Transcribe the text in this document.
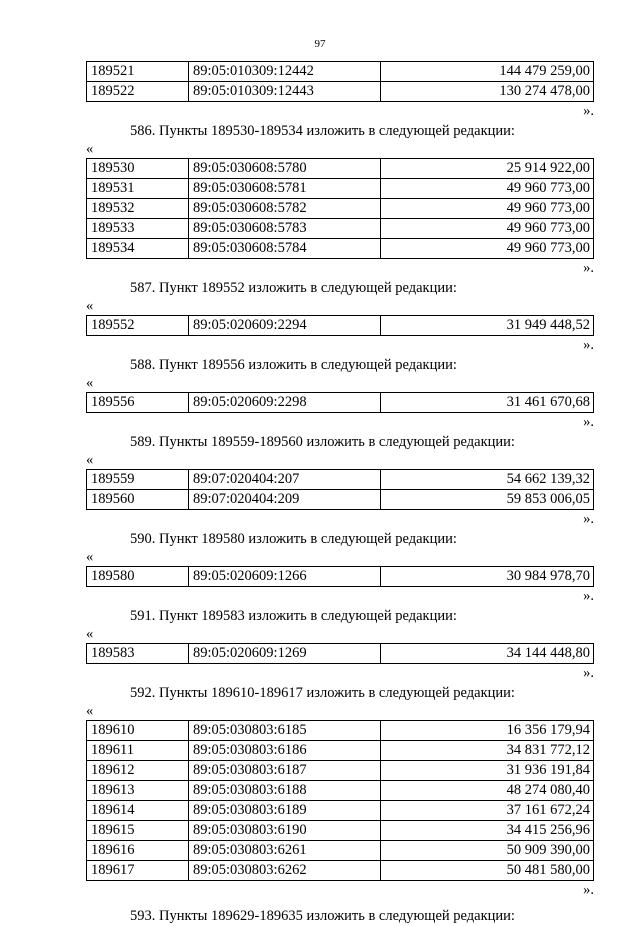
97
189521	89:05:010309:12442	144 479 259,00
189522	89:05:010309:12443	130 274 478,00
».
586. Пункты 189530-189534 изложить в следующей редакции:
«
189530	89:05:030608:5780	25 914 922,00
189531	89:05:030608:5781	49 960 773,00
189532	89:05:030608:5782	49 960 773,00
189533	89:05:030608:5783	49 960 773,00
189534	89:05:030608:5784	49 960 773,00
».
587. Пункт 189552 изложить в следующей редакции:
«
189552	89:05:020609:2294	31 949 448,52
».
588. Пункт 189556 изложить в следующей редакции:
«
189556	89:05:020609:2298	31 461 670,68
».
589. Пункты 189559-189560 изложить в следующей редакции:
«
189559	89:07:020404:207	54 662 139,32
189560	89:07:020404:209	59 853 006,05
».
590. Пункт 189580 изложить в следующей редакции:
«
189580	89:05:020609:1266	30 984 978,70
».
591. Пункт 189583 изложить в следующей редакции:
«
189583	89:05:020609:1269	34 144 448,80
».
592. Пункты 189610-189617 изложить в следующей редакции:
«
189610	89:05:030803:6185	16 356 179,94
189611	89:05:030803:6186	34 831 772,12
189612	89:05:030803:6187	31 936 191,84
189613	89:05:030803:6188	48 274 080,40
189614	89:05:030803:6189	37 161 672,24
189615	89:05:030803:6190	34 415 256,96
189616	89:05:030803:6261	50 909 390,00
189617	89:05:030803:6262	50 481 580,00
».
593. Пункты 189629-189635 изложить в следующей редакции:
